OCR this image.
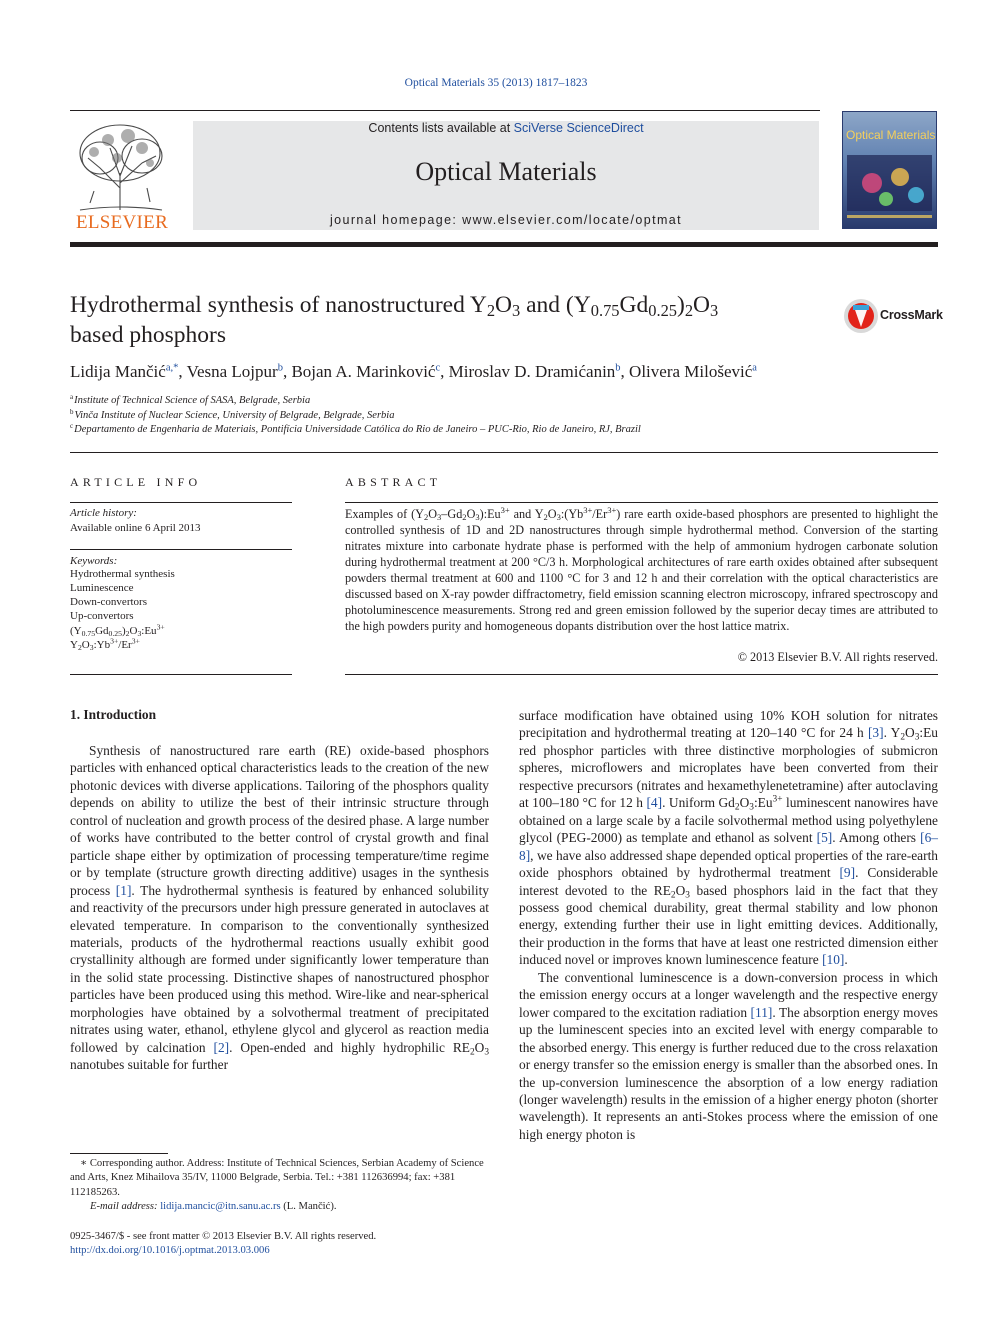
Optical Materials 35 (2013) 1817–1823
ELSEVIER
Contents lists available at SciVerse ScienceDirect
Optical Materials
journal homepage: www.elsevier.com/locate/optmat
Optical Materials
Hydrothermal synthesis of nanostructured $Y_2O_3$ and $(Y_{0.75}Gd_{0.25})_2O_3$
based phosphors
CrossMark
Lidija Mančić$^{a,*}$, Vesna Lojpur$^b$, Bojan A. Marinković$^c$, Miroslav D. Dramićanin$^b$, Olivera Milošević$^a$
$^a$Institute of Technical Science of SASA, Belgrade, Serbia
$^b$Vinča Institute of Nuclear Science, University of Belgrade, Belgrade, Serbia
$^c$Departamento de Engenharia de Materiais, Pontifícia Universidade Católica do Rio de Janeiro – PUC-Rio, Rio de Janeiro, RJ, Brazil
ARTICLE INFO
Article history:
Available online 6 April 2013
Keywords:
Hydrothermal synthesis
Luminescence
Down-convertors
Up-convertors
$(Y_{0.75}Gd_{0.25})_2O_3:Eu^{3+}$
$Y_2O_3:Yb^{3+}/Er^{3+}$
ABSTRACT
Examples of $(Y_2O_3-Gd_2O_3):Eu^{3+}$ and $Y_2O_3:(Yb^{3+}/Er^{3+})$ rare earth oxide-based phosphors are presented to highlight the controlled synthesis of 1D and 2D nanostructures through simple hydrothermal method. Conversion of the starting nitrates mixture into carbonate hydrate phase is performed with the help of ammonium hydrogen carbonate solution during hydrothermal treatment at 200 °C/3 h. Morphological architectures of rare earth oxides obtained after subsequent powders thermal treatment at 600 and 1100 °C for 3 and 12 h and their correlation with the optical characteristics are discussed based on X-ray powder diffractometry, field emission scanning electron microscopy, infrared spectroscopy and photoluminescence measurements. Strong red and green emission followed by the superior decay times are attributed to the high powders purity and homogeneous dopants distribution over the host lattice matrix.
© 2013 Elsevier B.V. All rights reserved.
1. Introduction

Synthesis of nanostructured rare earth (RE) oxide-based phosphors particles with enhanced optical characteristics leads to the creation of the new photonic devices with diverse applications. Tailoring of the phosphors quality depends on ability to utilize the best of their intrinsic structure through control of nucleation and growth process of the desired phase. A large number of works have contributed to the better control of crystal growth and final particle shape either by optimization of processing temperature/time regime or by template (structure growth directing additive) usages in the synthesis process [1]. The hydrothermal synthesis is featured by enhanced solubility and reactivity of the precursors under high pressure generated in autoclaves at elevated temperature. In comparison to the conventionally synthesized materials, products of the hydrothermal reactions usually exhibit good crystallinity although are formed under significantly lower temperature than in the solid state processing. Distinctive shapes of nanostructured phosphor particles have been produced using this method. Wire-like and near-spherical morphologies have obtained by a solvothermal treatment of precipitated nitrates using water, ethanol, ethylene glycol and glycerol as reaction media followed by calcination [2]. Open-ended and highly hydrophilic $RE_2O_3$ nanotubes suitable for further

surface modification have obtained using 10% KOH solution for nitrates precipitation and hydrothermal treating at 120–140 °C for 24 h [3]. $Y_2O_3:Eu$ red phosphor particles with three distinctive morphologies of submicron spheres, microflowers and microplates have been converted from their respective precursors (nitrates and hexamethylenetetramine) after autoclaving at 100–180 °C for 12 h [4]. Uniform $Gd_2O_3:Eu^{3+}$ luminescent nanowires have obtained on a large scale by a facile solvothermal method using polyethylene glycol (PEG-2000) as template and ethanol as solvent [5]. Among others [6–8], we have also addressed shape depended optical properties of the rare-earth oxide phosphors obtained by hydrothermal treatment [9]. Considerable interest devoted to the $RE_2O_3$ based phosphors laid in the fact that they possess good chemical durability, great thermal stability and low phonon energy, extending further their use in light emitting devices. Additionally, their production in the forms that have at least one restricted dimension either induced novel or improves known luminescence feature [10].

The conventional luminescence is a down-conversion process in which the emission energy occurs at a longer wavelength and the respective energy lower compared to the excitation radiation [11]. The absorption energy moves up the luminescent species into an excited level with energy comparable to the absorbed energy. This energy is further reduced due to the cross relaxation or energy transfer so the emission energy is smaller than the absorbed ones. In the up-conversion luminescence the absorption of a low energy radiation (longer wavelength) results in the emission of a higher energy photon (shorter wavelength). It represents an anti-Stokes process where the emission of one high energy photon is

∗ Corresponding author. Address: Institute of Technical Sciences, Serbian Academy of Science and Arts, Knez Mihailova 35/IV, 11000 Belgrade, Serbia. Tel.: +381 112636994; fax: +381 112185263.

E-mail address: lidija.mancic@itn.sanu.ac.rs (L. Mančić).

0925-3467/$ - see front matter © 2013 Elsevier B.V. All rights reserved.
http://dx.doi.org/10.1016/j.optmat.2013.03.006
